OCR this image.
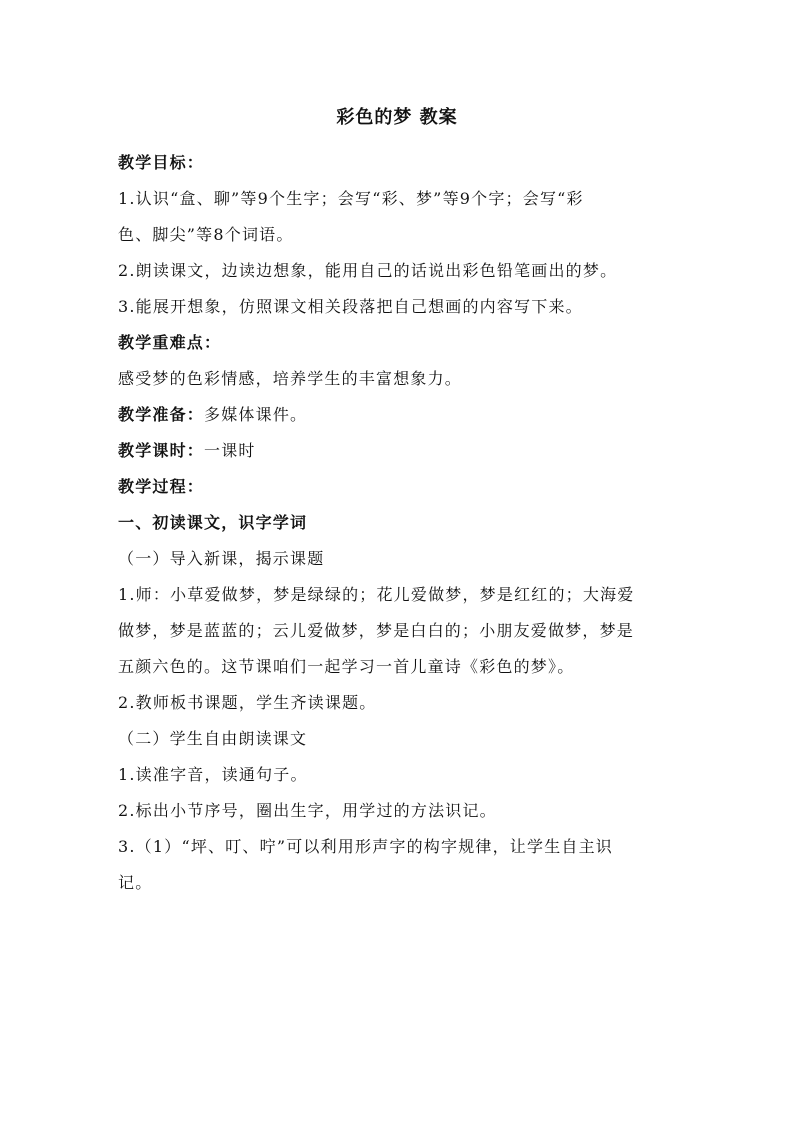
彩色的梦 教案
教学目标：
1.认识“盒、聊”等9个生字；会写“彩、梦”等9个字；会写“彩
色、脚尖”等8个词语。
2.朗读课文，边读边想象，能用自己的话说出彩色铅笔画出的梦。
3.能展开想象，仿照课文相关段落把自己想画的内容写下来。
教学重难点：
感受梦的色彩情感，培养学生的丰富想象力。
教学准备：多媒体课件。
教学课时：一课时
教学过程：
一、初读课文，识字学词
（一）导入新课，揭示课题
1.师：小草爱做梦，梦是绿绿的；花儿爱做梦，梦是红红的；大海爱
做梦，梦是蓝蓝的；云儿爱做梦，梦是白白的；小朋友爱做梦，梦是
五颜六色的。这节课咱们一起学习一首儿童诗《彩色的梦》。
2.教师板书课题，学生齐读课题。
（二）学生自由朗读课文
1.读准字音，读通句子。
2.标出小节序号，圈出生字，用学过的方法识记。
3.（1）“坪、叮、咛”可以利用形声字的构字规律，让学生自主识
记。
